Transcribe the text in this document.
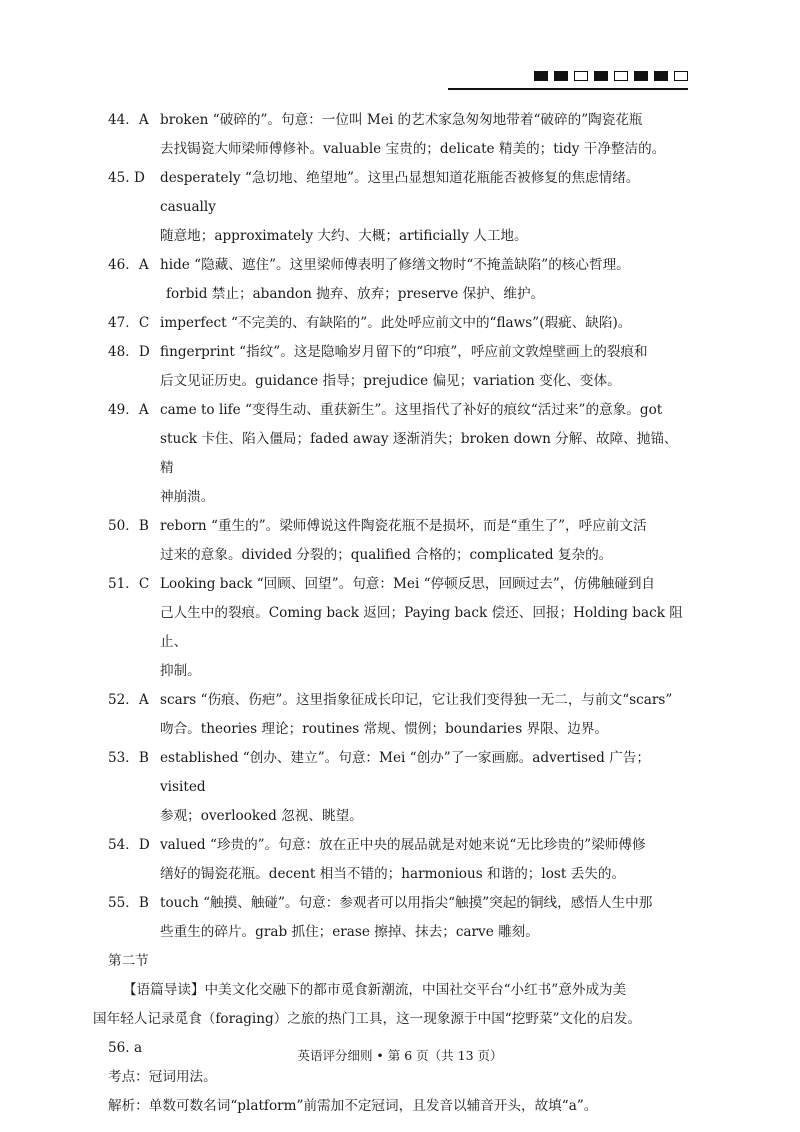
44．A broken “破碎的”。句意：一位叫 Mei 的艺术家急匆匆地带着“破碎的”陶瓷花瓶
去找锔瓷大师梁师傅修补。valuable 宝贵的；delicate 精美的；tidy 干净整洁的。
45. D	desperately “急切地、绝望地”。这里凸显想知道花瓶能否被修复的焦虑情绪。casually
随意地；approximately 大约、大概；artificially 人工地。
46．A hide “隐藏、遮住”。这里梁师傅表明了修缮文物时“不掩盖缺陷”的核心哲理。
forbid 禁止；abandon 抛弃、放弃；preserve 保护、维护。
47．C imperfect “不完美的、有缺陷的”。此处呼应前文中的“flaws”(瑕疵、缺陷)。
48．D fingerprint “指纹”。这是隐喻岁月留下的“印痕”，呼应前文敦煌壁画上的裂痕和
后文见证历史。guidance 指导；prejudice 偏见；variation 变化、变体。
49．A came to life “变得生动、重获新生”。这里指代了补好的痕纹“活过来”的意象。got
stuck 卡住、陷入僵局；faded away 逐渐消失；broken down 分解、故障、抛锚、精
神崩溃。
50．B reborn “重生的”。梁师傅说这件陶瓷花瓶不是损坏，而是“重生了”，呼应前文活
过来的意象。divided 分裂的；qualified 合格的；complicated 复杂的。
51．C Looking back “回顾、回望”。句意：Mei “停顿反思，回顾过去”，仿佛触碰到自
己人生中的裂痕。Coming back 返回；Paying back 偿还、回报；Holding back 阻止、
抑制。
52．A scars “伤痕、伤疤”。这里指象征成长印记，它让我们变得独一无二，与前文“scars”
吻合。theories 理论；routines 常规、惯例；boundaries 界限、边界。
53．B established “创办、建立”。句意：Mei “创办”了一家画廊。advertised 广告；visited
参观；overlooked 忽视、眺望。
54．D valued “珍贵的”。句意：放在正中央的展品就是对她来说“无比珍贵的”梁师傅修
缮好的锔瓷花瓶。decent 相当不错的；harmonious 和谐的；lost 丢失的。
55．B touch “触摸、触碰”。句意：参观者可以用指尖“触摸”突起的铜线，感悟人生中那
些重生的碎片。grab 抓住；erase 擦掉、抹去；carve 雕刻。
第二节
【语篇导读】中美文化交融下的都市觅食新潮流，中国社交平台“小红书”意外成为美
国年轻人记录觅食（foraging）之旅的热门工具，这一现象源于中国“挖野菜”文化的启发。
56. a
考点：冠词用法。
解析：单数可数名词“platform”前需加不定冠词，且发音以辅音开头，故填“a”。
英语评分细则 • 第 6 页（共 13 页）
